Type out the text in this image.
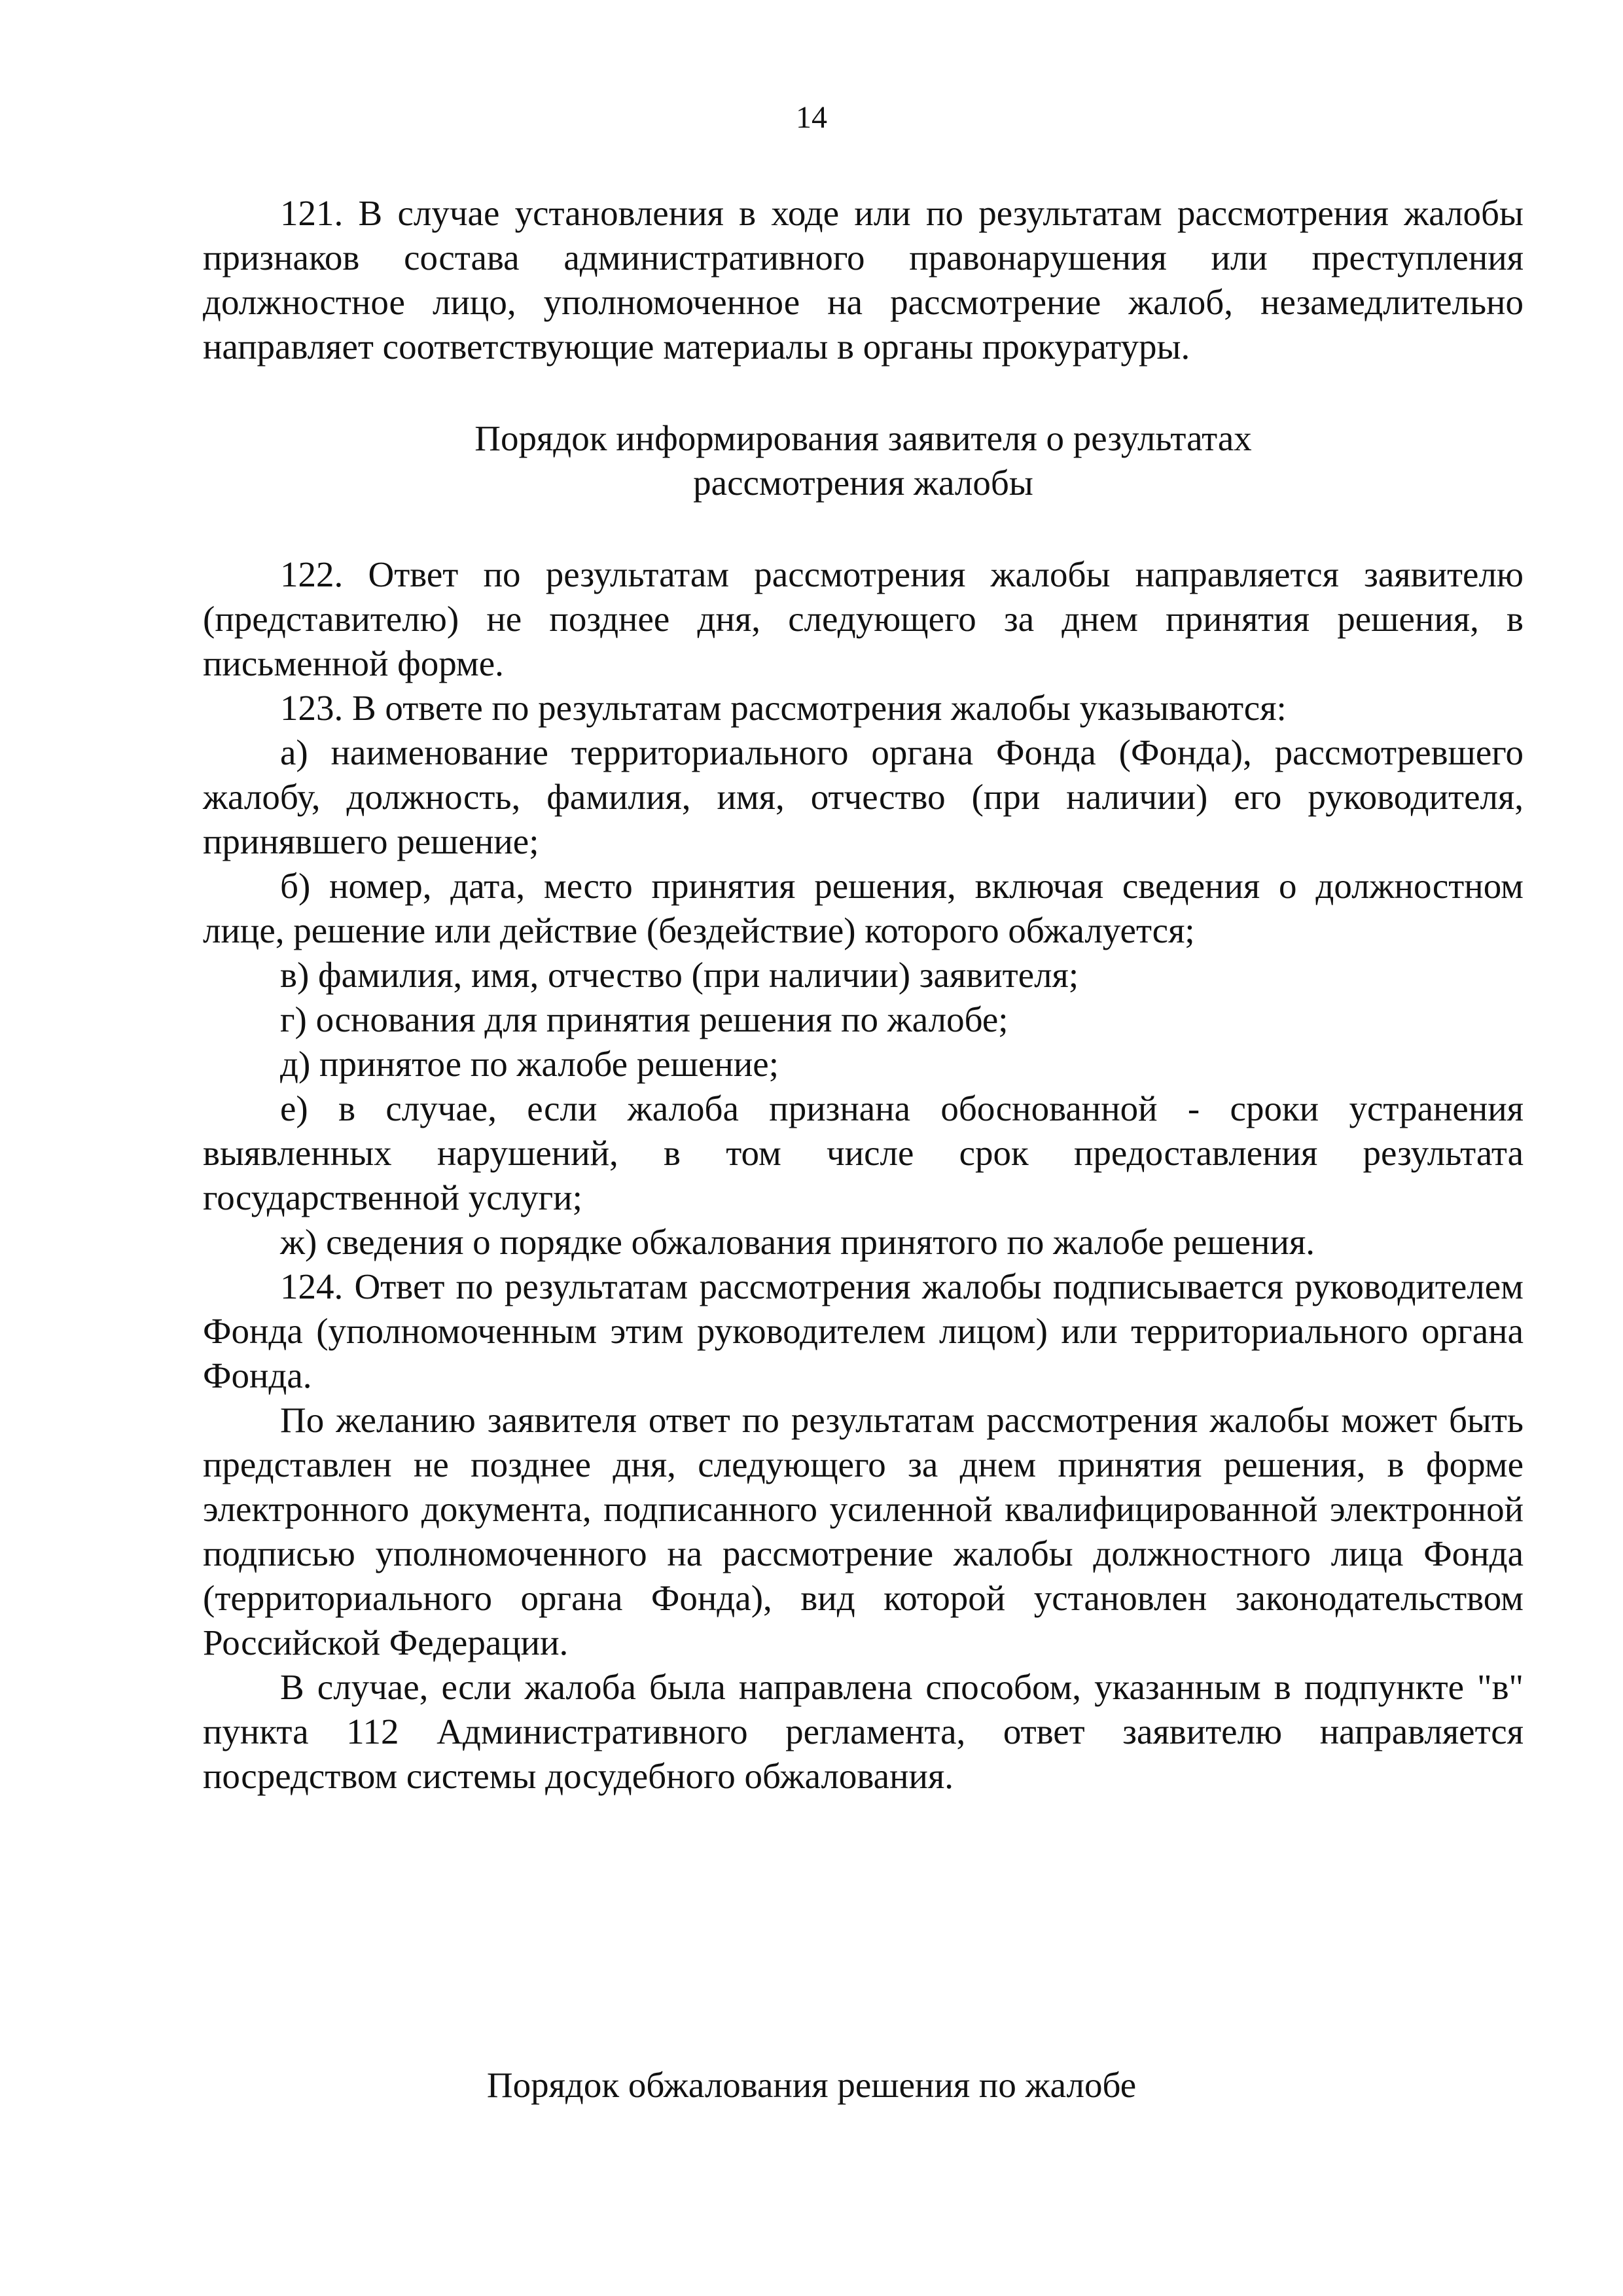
14

121. В случае установления в ходе или по результатам рассмотрения жалобы признаков состава административного правонарушения или преступления должностное лицо, уполномоченное на рассмотрение жалоб, незамедлительно направляет соответствующие материалы в органы прокуратуры.

Порядок информирования заявителя о результатах
рассмотрения жалобы

122. Ответ по результатам рассмотрения жалобы направляется заявителю (представителю) не позднее дня, следующего за днем принятия решения, в письменной форме.

123. В ответе по результатам рассмотрения жалобы указываются:

а) наименование территориального органа Фонда (Фонда), рассмотревшего жалобу, должность, фамилия, имя, отчество (при наличии) его руководителя, принявшего решение;

б) номер, дата, место принятия решения, включая сведения о должностном лице, решение или действие (бездействие) которого обжалуется;

в) фамилия, имя, отчество (при наличии) заявителя;

г) основания для принятия решения по жалобе;

д) принятое по жалобе решение;

е) в случае, если жалоба признана обоснованной - сроки устранения выявленных нарушений, в том числе срок предоставления результата государственной услуги;

ж) сведения о порядке обжалования принятого по жалобе решения.

124. Ответ по результатам рассмотрения жалобы подписывается руководителем Фонда (уполномоченным этим руководителем лицом) или территориального органа Фонда.

По желанию заявителя ответ по результатам рассмотрения жалобы может быть представлен не позднее дня, следующего за днем принятия решения, в форме электронного документа, подписанного усиленной квалифицированной электронной подписью уполномоченного на рассмотрение жалобы должностного лица Фонда (территориального органа Фонда), вид которой установлен законодательством Российской Федерации.

В случае, если жалоба была направлена способом, указанным в подпункте "в" пункта 112 Административного регламента, ответ заявителю направляется посредством системы досудебного обжалования.

Порядок обжалования решения по жалобе
